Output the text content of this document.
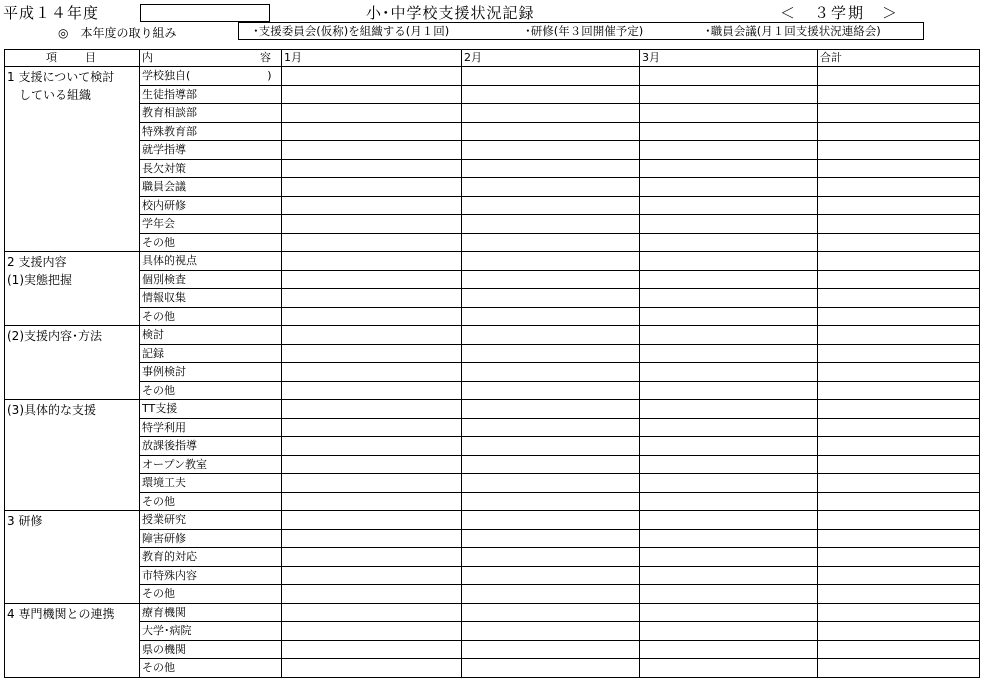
平成１４年度	小･中学校支援状況記録	＜　３学期　＞
◎　本年度の取り組み	･支援委員会(仮称)を組織する(月１回)	･研修(年３回開催予定)	･職員会議(月１回支援状況連絡会)
項　　目	内 容	1月	2月	3月	合計

1 支援について検討
　している組織	学校独自(　　　　　　　)				
	生徒指導部				
	教育相談部				
	特殊教育部				
	就学指導				
	長欠対策				
	職員会議				
	校内研修				
	学年会				
	その他				

2 支援内容
(1)実態把握	具体的視点				
	個別検査				
	情報収集				
	その他				

(2)支援内容･方法	検討				
	記録				
	事例検討				
	その他				

(3)具体的な支援	TT支援				
	特学利用				
	放課後指導				
	オープン教室				
	環境工夫				
	その他				

3 研修	授業研究				
	障害研修				
	教育的対応				
	市特殊内容				
	その他				

4 専門機関との連携	療育機関				
	大学･病院				
	県の機関				
	その他				
